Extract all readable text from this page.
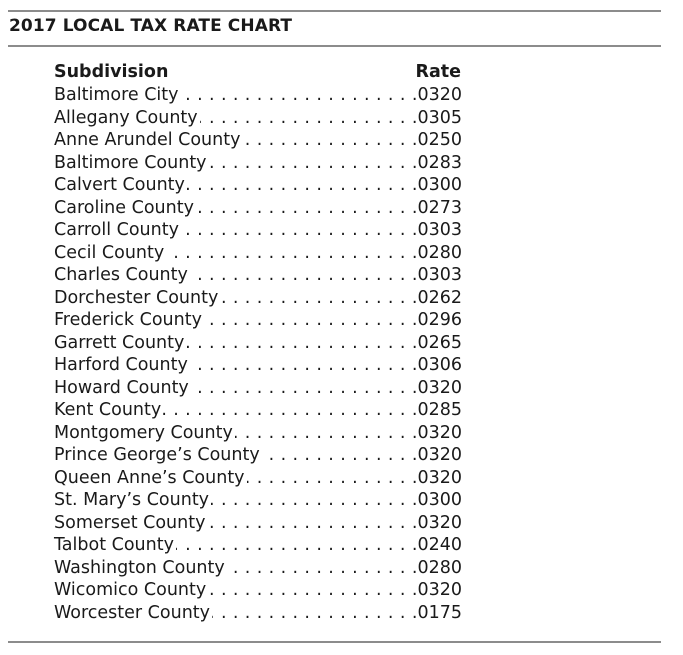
2017 LOCAL TAX RATE CHART
Subdivision	Rate
. . .
Baltimore City	.0320
. . .
Allegany County	.0305
. . .
Anne Arundel County	.0250
. . .
Baltimore County	.0283
. . .
Calvert County	.0300
. . .
Caroline County	.0273
. . .
Carroll County	.0303
. . .
Cecil County	.0280
. . .
Charles County	.0303
. . .
Dorchester County	.0262
. . .
Frederick County	.0296
. . .
Garrett County	.0265
. . .
Harford County	.0306
. . .
Howard County	.0320
. . .
Kent County	.0285
. . .
Montgomery County	.0320
. . .
Prince George’s County	.0320
. . .
Queen Anne’s County	.0320
. . .
St. Mary’s County	.0300
. . .
Somerset County	.0320
. . .
Talbot County	.0240
. . .
Washington County	.0280
. . .
Wicomico County	.0320
. . .
Worcester County	.0175
